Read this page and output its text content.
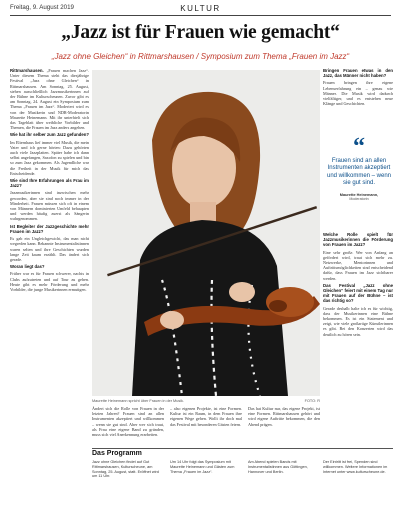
Freitag, 9. August 2019	KULTUR
„Jazz ist für Frauen wie gemacht“
„Jazz ohne Gleichen“ in Rittmarshausen / Symposium zum Thema „Frauen im Jazz“

Rittmarshausen. „Frauen machen Jazz“. Unter diesem Thema steht das diesjährige Festival „Jazz ohne Gleichen“ in Rittmarshausen. Am Sonntag, 25. August, stehen ausschließlich Jazzmusikerinnen auf der Bühne im Kulturscheunen. Zuvor gibt es am Sonntag, 24. August ein Symposium zum Thema „Frauen im Jazz“. Moderiert wird es von der Musikerin und NDR-Moderatorin Maurette Heinemann. Mit ihr unterhielt sich das Tageblatt über weibliche Vorbilder und Themen, die Frauen im Jazz anders angehen.

Wie hat ihr selber zum Jazz gefunden?

Im Elternhaus lief immer viel Musik, die mein Vater und ich gerne hörten: Dazu gehörten auch viele Jazzplatten. Später habe ich dann selbst angefangen, Saxofon zu spielen und bin so zum Jazz gekommen. Als Jugendliche war die Freiheit in der Musik für mich das Entscheidende.

Wie sind Ihre Erfahrungen als Frau im Jazz?

Jazzmusikerinnen sind inzwischen mehr geworden, aber sie sind noch immer in der Minderheit. Frauen müssen sich oft in einem von Männern dominierten Umfeld behaupten und werden häufig zuerst als Sängerin wahrgenommen.

Ist Begleiter der Jazzgeschichte mehr Frauen im Jazz?

Es gab ein Ungleichgewicht, das man nicht wegreden kann. Bekannte Instrumentalistinnen waren selten und ihre Geschichten wurden lange Zeit kaum erzählt. Das ändert sich gerade.

Woran liegt das?

Früher war es für Frauen schwerer, nachts in Clubs aufzutreten und auf Tour zu gehen. Heute gibt es mehr Förderung und mehr Vorbilder, die junge Musikerinnen ermutigen.

Maurette Heinemann spricht über Frauen in der Musik.	FOTO: R

Bringen Frauen etwas in den Jazz, das Männer nicht haben?

Frauen bringen ihre eigene Lebenserfahrung ein – genau wie Männer. Die Musik wird dadurch vielfältiger, und es entstehen neue Klänge und Geschichten.

“
Frauen sind an allen Instrumenten akzeptiert und willkommen – wenn sie gut sind.
Maurette Heinemann,
Moderatorin

Welche Rolle spielt für Jazzmusikerinnen die Förderung von Frauen im Jazz?

Eine sehr große. Wer von Anfang an gefördert wird, traut sich mehr zu. Netzwerke, Mentorinnen und Auftrittsmöglichkeiten sind entscheidend dafür, dass Frauen im Jazz sichtbarer werden.

Das Festival „Jazz ohne Gleichen“ feiert mit einem Tag nur mit Frauen auf der Bühne – ist das richtig so?

Gerade deshalb halte ich es für wichtig, dass der Musikerinnen eine Bühne bekommen. Es ist ein Statement und zeigt, wie viele großartige Künstlerinnen es gibt. Bei den Konzerten wird das deutlich zu hören sein.

Ändert sich die Rolle von Frauen in der letzten Jahren? Frauen sind an allen Instrumenten akzeptiert und willkommen – wenn sie gut sind. Aber wer sich traut, als Frau eine eigene Band zu gründen, muss sich viel Anerkennung erarbeiten.

– also eigenen Projekte, ist eine Formen. Kultur ist ein Raum, in dem Frauen ihre eigenen Wege gehen. Wollt ihr doch mal das Festival mit besonderen Gästen feiern.

Das hat Kultur nur, das eigene Projekt, ist eine Formen. Rittmarshausen gehört und wird eigene Auftritte bekommen, die den Abend prägen.

Das Programm
Jazz ohne Gleichen findet auf Gut Rittmarshausen, Kulturscheune, am Sonntag, 25. August, statt. Eröffnet wird um 11 Uhr.
Um 14 Uhr folgt das Symposium mit Maurette Heinemann und Gästen zum Thema „Frauen im Jazz“.
Am Abend spielen Bands mit Instrumentalistinnen aus Göttingen, Hannover und Berlin.
Der Eintritt ist frei, Spenden sind willkommen. Weitere Informationen im Internet unter www.kulturscheune.de.
